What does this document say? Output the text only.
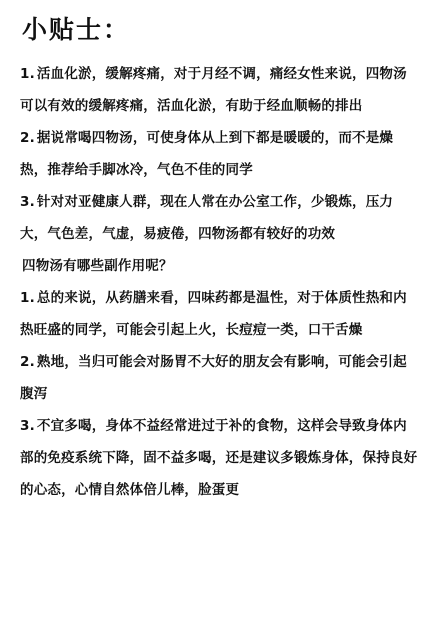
小贴士：

1. 活血化淤，缓解疼痛，对于月经不调，痛经女性来说，四物汤可以有效的缓解疼痛，活血化淤，有助于经血顺畅的排出

2. 据说常喝四物汤，可使身体从上到下都是暖暖的，而不是燥热，推荐给手脚冰冷，气色不佳的同学

3. 针对对亚健康人群，现在人常在办公室工作，少锻炼，压力大，气色差，气虚，易疲倦，四物汤都有较好的功效

四物汤有哪些副作用呢？

1. 总的来说，从药膳来看，四味药都是温性，对于体质性热和内热旺盛的同学，可能会引起上火，长痘痘一类，口干舌燥

2. 熟地，当归可能会对肠胃不大好的朋友会有影响，可能会引起腹泻

3. 不宜多喝，身体不益经常进过于补的食物，这样会导致身体内部的免疫系统下降，固不益多喝，还是建议多锻炼身体，保持良好的心态，心情自然体倍儿棒，脸蛋更
